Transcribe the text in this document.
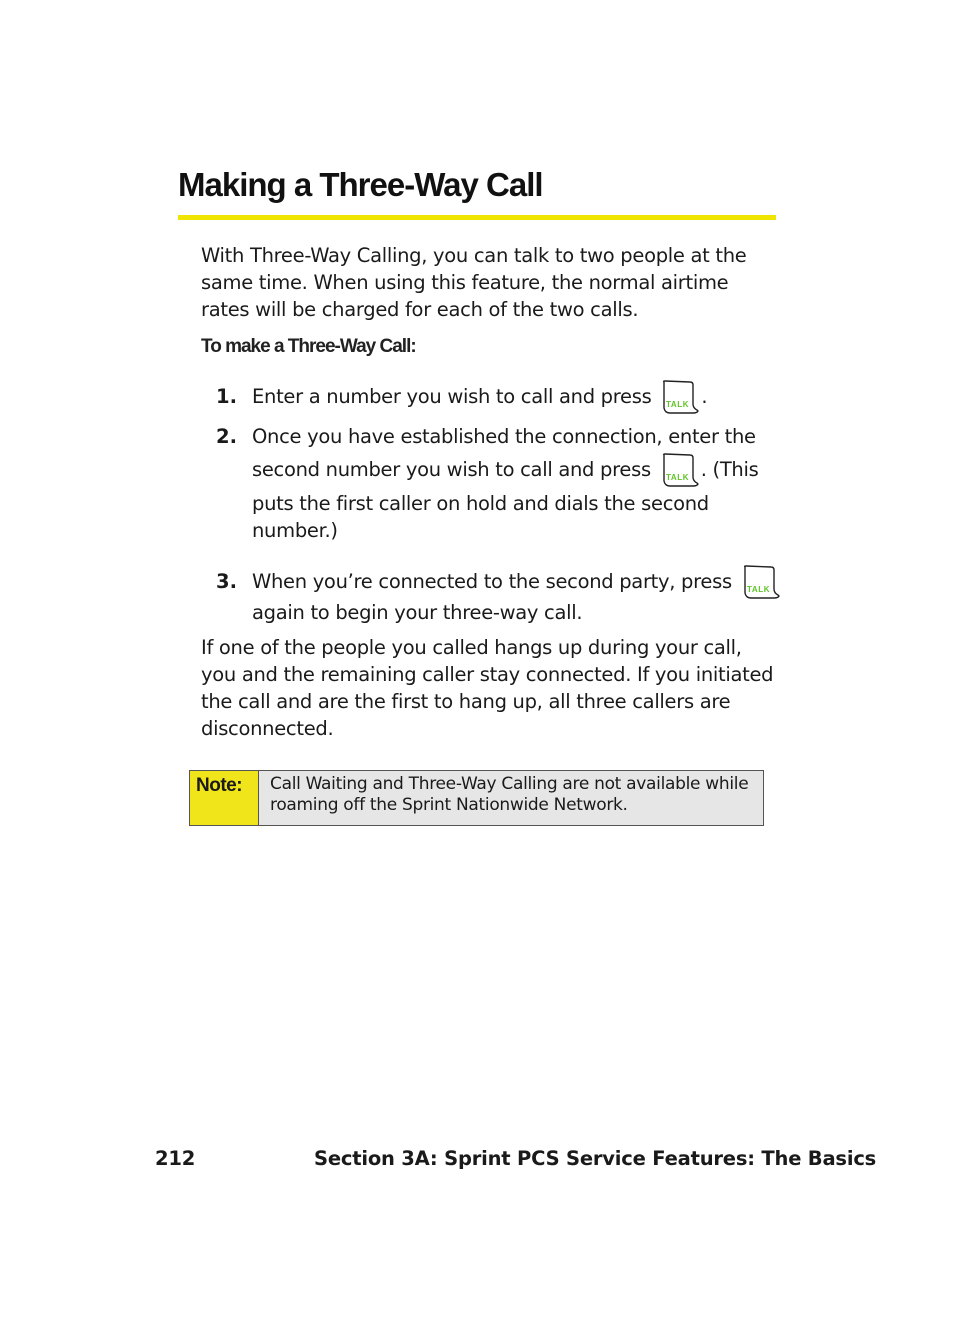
Making a Three-Way Call

With Three-Way Calling, you can talk to two people at the same time. When using this feature, the normal airtime rates will be charged for each of the two calls.

To make a Three-Way Call:

1. Enter a number you wish to call and press	.
2. Once you have established the connection, enter the
second number you wish to call and press	. (This
puts the first caller on hold and dials the second
number.)
3. When you’re connected to the second party, press
again to begin your three-way call.

If one of the people you called hangs up during your call, you and the remaining caller stay connected. If you initiated the call and are the first to hang up, all three callers are disconnected.

Note:	Call Waiting and Three-Way Calling are not available while roaming off the Sprint Nationwide Network.
212	Section 3A: Sprint PCS Service Features: The Basics
